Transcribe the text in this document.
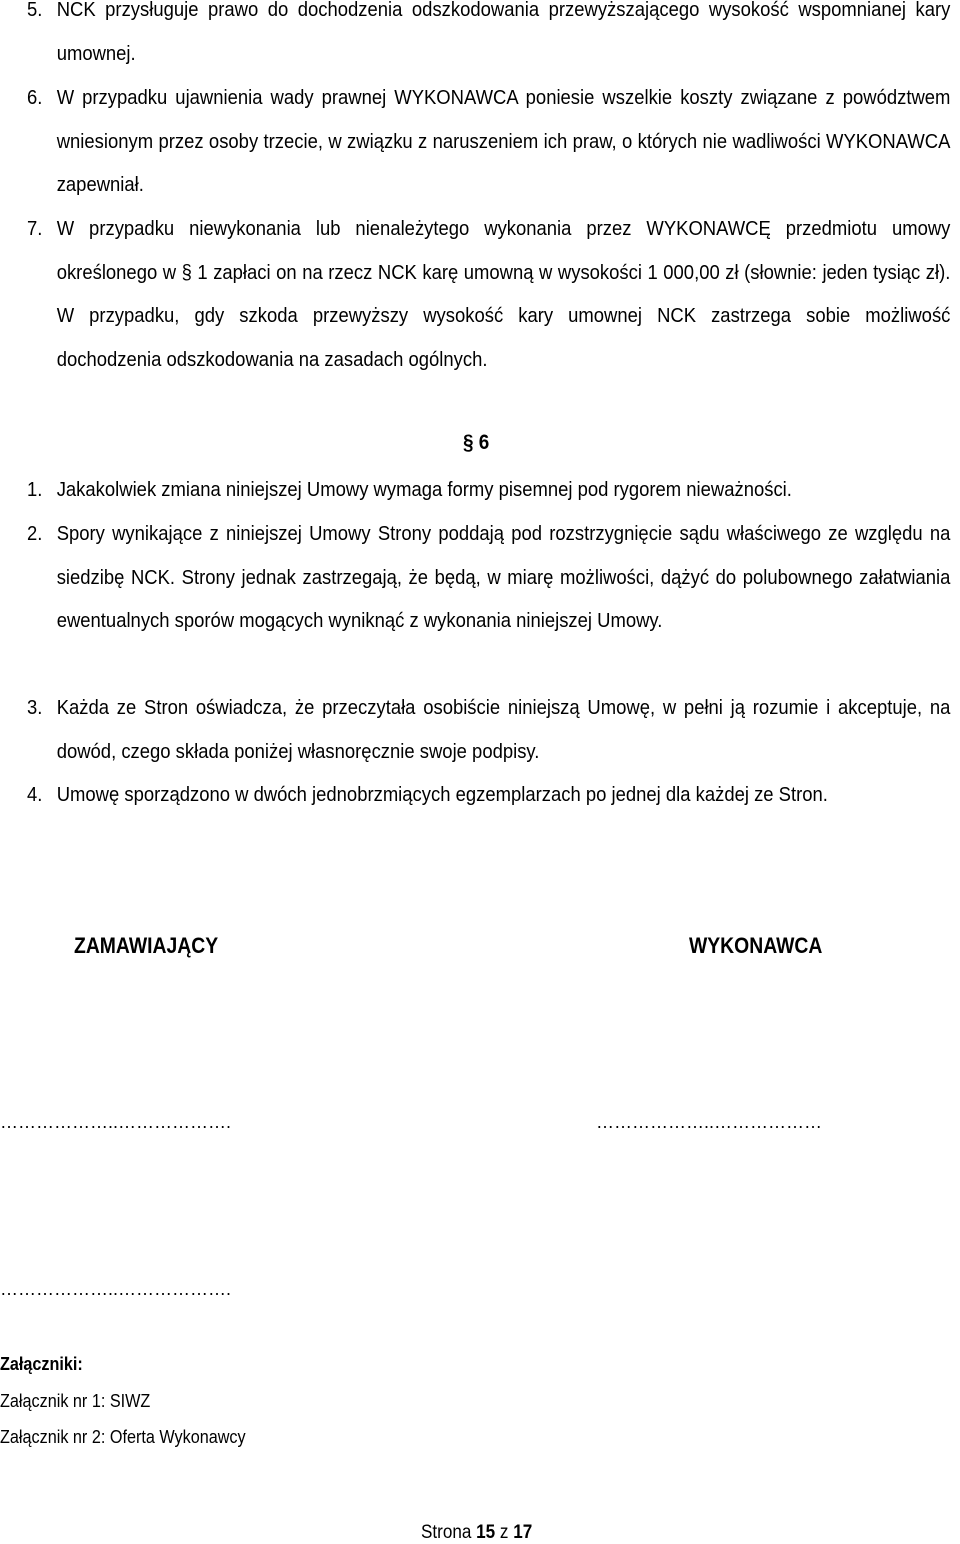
5. NCK przysługuje prawo do dochodzenia odszkodowania przewyższającego wysokość wspomnianej kary umownej.
6. W przypadku ujawnienia wady prawnej WYKONAWCA poniesie wszelkie koszty związane z powództwem wniesionym przez osoby trzecie, w związku z naruszeniem ich praw, o których nie wadliwości WYKONAWCA zapewniał.
7. W przypadku niewykonania lub nienależytego wykonania przez WYKONAWCĘ przedmiotu umowy określonego w § 1 zapłaci on na rzecz NCK karę umowną w wysokości 1 000,00 zł (słownie: jeden tysiąc zł). W przypadku, gdy szkoda przewyższy wysokość kary umownej NCK zastrzega sobie możliwość dochodzenia odszkodowania na zasadach ogólnych.
§ 6
1. Jakakolwiek zmiana niniejszej Umowy wymaga formy pisemnej pod rygorem nieważności.
2. Spory wynikające z niniejszej Umowy Strony poddają pod rozstrzygnięcie sądu właściwego ze względu na siedzibę NCK. Strony jednak zastrzegają, że będą, w miarę możliwości, dążyć do polubownego załatwiania ewentualnych sporów mogących wyniknąć z wykonania niniejszej Umowy.
3. Każda ze Stron oświadcza, że przeczytała osobiście niniejszą Umowę, w pełni ją rozumie i akceptuje, na dowód, czego składa poniżej własnoręcznie swoje podpisy.
4. Umowę sporządzono w dwóch jednobrzmiących egzemplarzach po jednej dla każdej ze Stron.
ZAMAWIAJĄCY	WYKONAWCA
………………..……………….	………………..………………
………………..……………….
Załączniki:
Załącznik nr 1: SIWZ
Załącznik nr 2: Oferta Wykonawcy
Strona 15 z 17
